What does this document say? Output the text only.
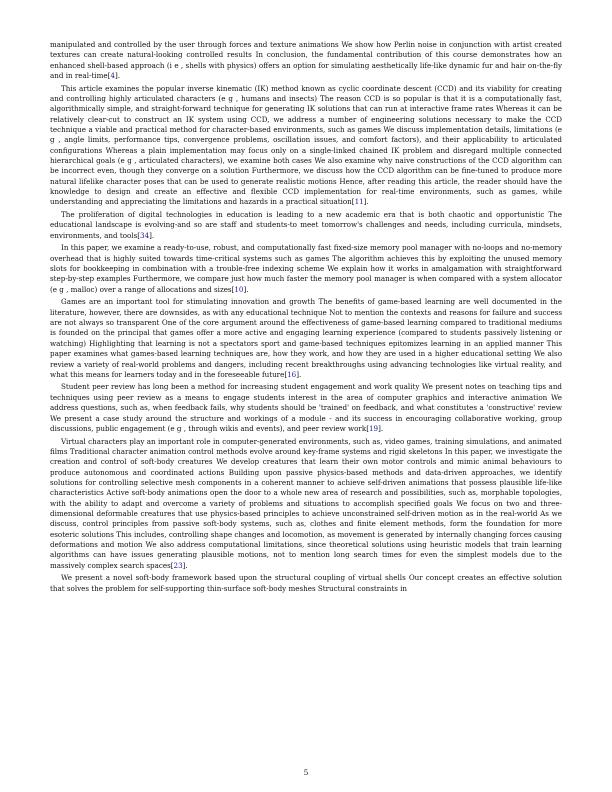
manipulated and controlled by the user through forces and texture animations We show how Perlin noise in conjunction with artist created textures can create natural-looking controlled results In conclusion, the fundamental contribution of this course demonstrates how an enhanced shell-based approach (i e , shells with physics) offers an option for simulating aesthetically life-like dynamic fur and hair on-the-fly and in real-time[4].

This article examines the popular inverse kinematic (IK) method known as cyclic coordinate descent (CCD) and its viability for creating and controlling highly articulated characters (e g , humans and insects) The reason CCD is so popular is that it is a computationally fast, algorithmically simple, and straight-forward technique for generating IK solutions that can run at interactive frame rates Whereas it can be relatively clear-cut to construct an IK system using CCD, we address a number of engineering solutions necessary to make the CCD technique a viable and practical method for character-based environments, such as games We discuss implementation details, limitations (e g , angle limits, performance tips, convergence problems, oscillation issues, and comfort factors), and their applicability to articulated configurations Whereas a plain implementation may focus only on a single-linked chained IK problem and disregard multiple connected hierarchical goals (e g , articulated characters), we examine both cases We also examine why naive constructions of the CCD algorithm can be incorrect even, though they converge on a solution Furthermore, we discuss how the CCD algorithm can be fine-tuned to produce more natural lifelike character poses that can be used to generate realistic motions Hence, after reading this article, the reader should have the knowledge to design and create an effective and flexible CCD implementation for real-time environments, such as games, while understanding and appreciating the limitations and hazards in a practical situation[11].

The proliferation of digital technologies in education is leading to a new academic era that is both chaotic and opportunistic The educational landscape is evolving-and so are staff and students-to meet tomorrow's challenges and needs, including curricula, mindsets, environments, and tools[34].

In this paper, we examine a ready-to-use, robust, and computationally fast fixed-size memory pool manager with no-loops and no-memory overhead that is highly suited towards time-critical systems such as games The algorithm achieves this by exploiting the unused memory slots for bookkeeping in combination with a trouble-free indexing scheme We explain how it works in amalgamation with straightforward step-by-step examples Furthermore, we compare just how much faster the memory pool manager is when compared with a system allocator (e g , malloc) over a range of allocations and sizes[10].

Games are an important tool for stimulating innovation and growth The benefits of game-based learning are well documented in the literature, however, there are downsides, as with any educational technique Not to mention the contexts and reasons for failure and success are not always so transparent One of the core argument around the effectiveness of game-based learning compared to traditional mediums is founded on the principal that games offer a more active and engaging learning experience (compared to students passively listening or watching) Highlighting that learning is not a spectators sport and game-based techniques epitomizes learning in an applied manner This paper examines what games-based learning techniques are, how they work, and how they are used in a higher educational setting We also review a variety of real-world problems and dangers, including recent breakthroughs using advancing technologies like virtual reality, and what this means for learners today and in the foreseeable future[16].

Student peer review has long been a method for increasing student engagement and work quality We present notes on teaching tips and techniques using peer review as a means to engage students interest in the area of computer graphics and interactive animation We address questions, such as, when feedback fails, why students should be 'trained' on feedback, and what constitutes a 'constructive' review We present a case study around the structure and workings of a module - and its success in encouraging collaborative working, group discussions, public engagement (e g , through wikis and events), and peer review work[19].

Virtual characters play an important role in computer-generated environments, such as, video games, training simulations, and animated films Traditional character animation control methods evolve around key-frame systems and rigid skeletons In this paper, we investigate the creation and control of soft-body creatures We develop creatures that learn their own motor controls and mimic animal behaviours to produce autonomous and coordinated actions Building upon passive physics-based methods and data-driven approaches, we identify solutions for controlling selective mesh components in a coherent manner to achieve self-driven animations that possess plausible life-like characteristics Active soft-body animations open the door to a whole new area of research and possibilities, such as, morphable topologies, with the ability to adapt and overcome a variety of problems and situations to accomplish specified goals We focus on two and three-dimensional deformable creatures that use physics-based principles to achieve unconstrained self-driven motion as in the real-world As we discuss, control principles from passive soft-body systems, such as, clothes and finite element methods, form the foundation for more esoteric solutions This includes, controlling shape changes and locomotion, as movement is generated by internally changing forces causing deformations and motion We also address computational limitations, since theoretical solutions using heuristic models that train learning algorithms can have issues generating plausible motions, not to mention long search times for even the simplest models due to the massively complex search spaces[23].

We present a novel soft-body framework based upon the structural coupling of virtual shells Our concept creates an effective solution that solves the problem for self-supporting thin-surface soft-body meshes Structural constraints in

5
